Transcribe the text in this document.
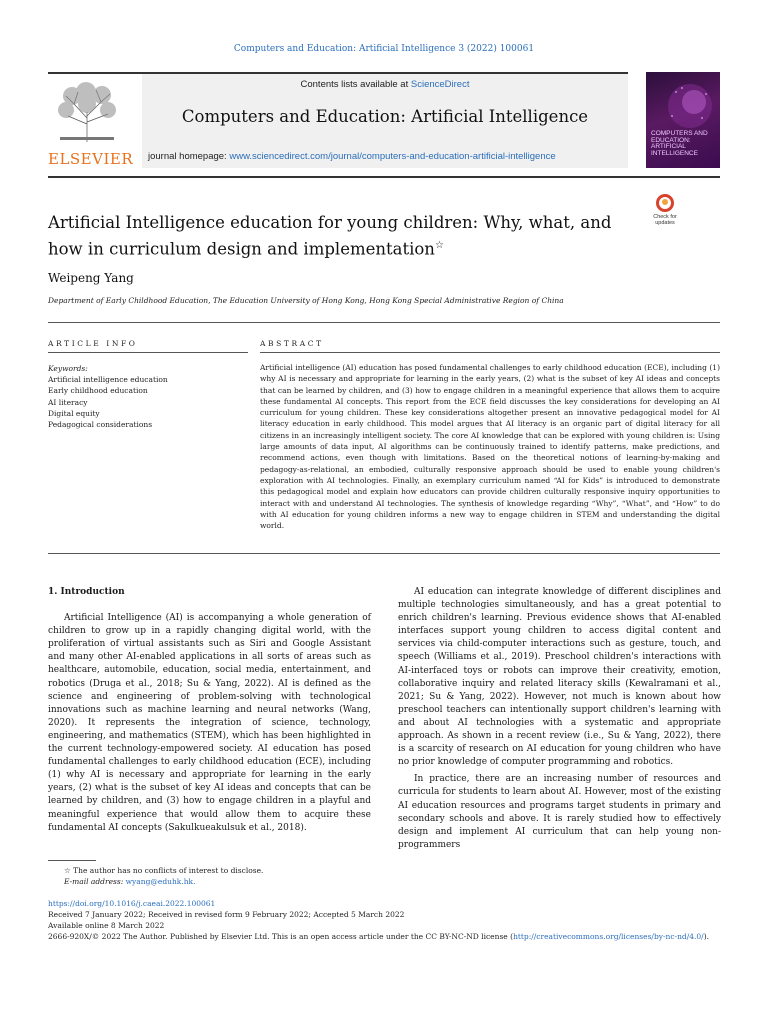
Computers and Education: Artificial Intelligence 3 (2022) 100061
ELSEVIER
Contents lists available at ScienceDirect
Computers and Education: Artificial Intelligence
journal homepage: www.sciencedirect.com/journal/computers-and-education-artificial-intelligence
COMPUTERS AND EDUCATION: ARTIFICIAL INTELLIGENCE
Artificial Intelligence education for young children: Why, what, and how in curriculum design and implementation☆
Check for updates
Weipeng Yang
Department of Early Childhood Education, The Education University of Hong Kong, Hong Kong Special Administrative Region of China
ARTICLE INFO	ABSTRACT
Keywords:
Artificial intelligence education
Early childhood education
AI literacy
Digital equity
Pedagogical considerations
Artificial intelligence (AI) education has posed fundamental challenges to early childhood education (ECE), including (1) why AI is necessary and appropriate for learning in the early years, (2) what is the subset of key AI ideas and concepts that can be learned by children, and (3) how to engage children in a meaningful experience that allows them to acquire these fundamental AI concepts. This report from the ECE field discusses the key considerations for developing an AI curriculum for young children. These key considerations altogether present an innovative pedagogical model for AI literacy education in early childhood. This model argues that AI literacy is an organic part of digital literacy for all citizens in an increasingly intelligent society. The core AI knowledge that can be explored with young children is: Using large amounts of data input, AI algorithms can be continuously trained to identify patterns, make predictions, and recommend actions, even though with limitations. Based on the theoretical notions of learning-by-making and pedagogy-as-relational, an embodied, culturally responsive approach should be used to enable young children's exploration with AI technologies. Finally, an exemplary curriculum named “AI for Kids” is introduced to demonstrate this pedagogical model and explain how educators can provide children culturally responsive inquiry opportunities to interact with and understand AI technologies. The synthesis of knowledge regarding “Why”, “What”, and “How” to do with AI education for young children informs a new way to engage children in STEM and understanding the digital world.
1. Introduction
Artificial Intelligence (AI) is accompanying a whole generation of children to grow up in a rapidly changing digital world, with the proliferation of virtual assistants such as Siri and Google Assistant and many other AI-enabled applications in all sorts of areas such as healthcare, automobile, education, social media, entertainment, and robotics (Druga et al., 2018; Su & Yang, 2022). AI is defined as the science and engineering of problem-solving with technological innovations such as machine learning and neural networks (Wang, 2020). It represents the integration of science, technology, engineering, and mathematics (STEM), which has been highlighted in the current technology-empowered society. AI education has posed fundamental challenges to early childhood education (ECE), including (1) why AI is necessary and appropriate for learning in the early years, (2) what is the subset of key AI ideas and concepts that can be learned by children, and (3) how to engage children in a playful and meaningful experience that would allow them to acquire these fundamental AI concepts (Sakulkueakulsuk et al., 2018).
AI education can integrate knowledge of different disciplines and multiple technologies simultaneously, and has a great potential to enrich children's learning. Previous evidence shows that AI-enabled interfaces support young children to access digital content and services via child-computer interactions such as gesture, touch, and speech (Williams et al., 2019). Preschool children's interactions with AI-interfaced toys or robots can improve their creativity, emotion, collaborative inquiry and related literacy skills (Kewalramani et al., 2021; Su & Yang, 2022). However, not much is known about how preschool teachers can intentionally support children's learning with and about AI technologies with a systematic and appropriate approach. As shown in a recent review (i.e., Su & Yang, 2022), there is a scarcity of research on AI education for young children who have no prior knowledge of computer programming and robotics.
In practice, there are an increasing number of resources and curricula for students to learn about AI. However, most of the existing AI education resources and programs target students in primary and secondary schools and above. It is rarely studied how to effectively design and implement AI curriculum that can help young non-programmers
☆ The author has no conflicts of interest to disclose.
E-mail address: wyang@eduhk.hk.
https://doi.org/10.1016/j.caeai.2022.100061
Received 7 January 2022; Received in revised form 9 February 2022; Accepted 5 March 2022
Available online 8 March 2022
2666-920X/© 2022 The Author. Published by Elsevier Ltd. This is an open access article under the CC BY-NC-ND license (http://creativecommons.org/licenses/by-nc-nd/4.0/).
